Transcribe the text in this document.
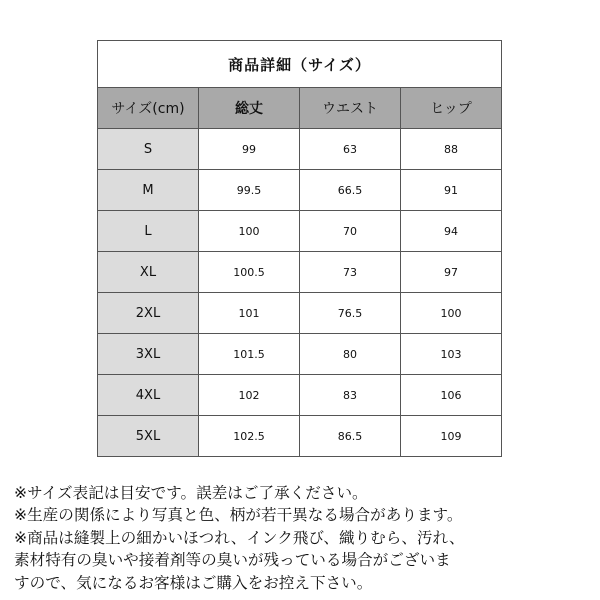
商品詳細（サイズ）			
サイズ(cm)	総丈	ウエスト	ヒップ
S	99	63	88
M	99.5	66.5	91
L	100	70	94
XL	100.5	73	97
2XL	101	76.5	100
3XL	101.5	80	103
4XL	102	83	106
5XL	102.5	86.5	109
※サイズ表記は目安です。誤差はご了承ください。
※生産の関係により写真と色、柄が若干異なる場合があります。
※商品は縫製上の細かいほつれ、インク飛び、織りむら、汚れ、
素材特有の臭いや接着剤等の臭いが残っている場合がございま
すので、気になるお客様はご購入をお控え下さい。
